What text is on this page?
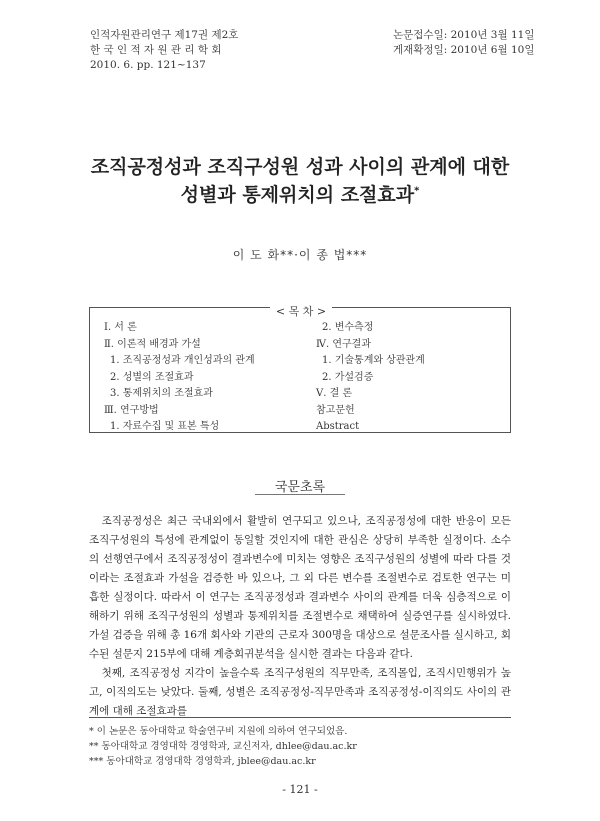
인적자원관리연구 제17권 제2호
한 국 인 적 자 원 관 리 학 회
2010. 6. pp. 121~137
논문접수일: 2010년 3월 11일
게재확정일: 2010년 6월 10일
조직공정성과 조직구성원 성과 사이의 관계에 대한
성별과 통제위치의 조절효과*
이 도 화**·이 종 법***
< 목 차 >
Ⅰ. 서 론
Ⅱ. 이론적 배경과 가설
1. 조직공정성과 개인성과의 관계
2. 성별의 조절효과
3. 통제위치의 조절효과
Ⅲ. 연구방법
1. 자료수집 및 표본 특성
2. 변수측정
Ⅳ. 연구결과
1. 기술통계와 상관관계
2. 가설검증
Ⅴ. 결 론
참고문헌
Abstract
국문초록

조직공정성은 최근 국내외에서 활발히 연구되고 있으나, 조직공정성에 대한 반응이 모든 조직구성원의 특성에 관계없이 동일할 것인지에 대한 관심은 상당히 부족한 실정이다. 소수의 선행연구에서 조직공정성이 결과변수에 미치는 영향은 조직구성원의 성별에 따라 다를 것이라는 조절효과 가설을 검증한 바 있으나, 그 외 다른 변수를 조절변수로 검토한 연구는 미흡한 실정이다. 따라서 이 연구는 조직공정성과 결과변수 사이의 관계를 더욱 심층적으로 이해하기 위해 조직구성원의 성별과 통제위치를 조절변수로 채택하여 실증연구를 실시하였다. 가설 검증을 위해 총 16개 회사와 기관의 근로자 300명을 대상으로 설문조사를 실시하고, 회수된 설문지 215부에 대해 계층회귀분석을 실시한 결과는 다음과 같다.

첫째, 조직공정성 지각이 높을수록 조직구성원의 직무만족, 조직몰입, 조직시민행위가 높고, 이직의도는 낮았다. 둘째, 성별은 조직공정성-직무만족과 조직공정성-이직의도 사이의 관계에 대해 조절효과를

* 이 논문은 동아대학교 학술연구비 지원에 의하여 연구되었음.
** 동아대학교 경영대학 경영학과, 교신저자, dhlee@dau.ac.kr
*** 동아대학교 경영대학 경영학과, jblee@dau.ac.kr
- 121 -
